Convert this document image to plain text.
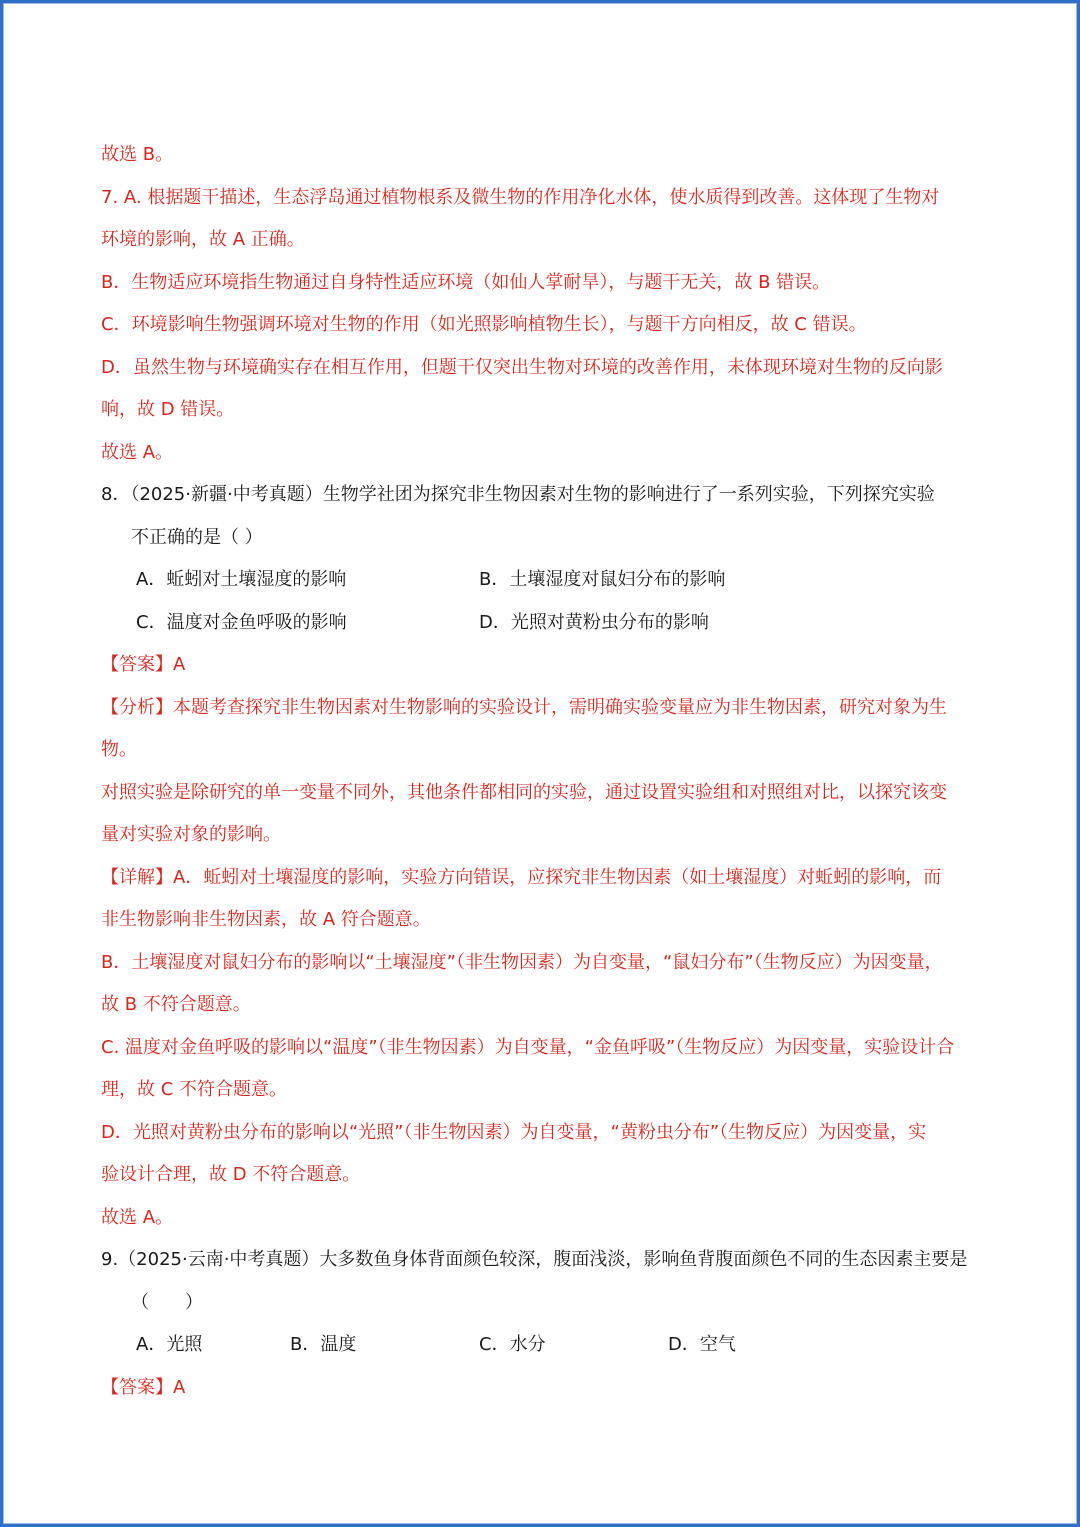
故选 B。
7. A. 根据题干描述，生态浮岛通过植物根系及微生物的作用净化水体，使水质得到改善。这体现了生物对
环境的影响，故 A 正确。
B．生物适应环境指生物通过自身特性适应环境（如仙人掌耐旱），与题干无关，故 B 错误。
C．环境影响生物强调环境对生物的作用（如光照影响植物生长），与题干方向相反，故 C 错误。
D．虽然生物与环境确实存在相互作用，但题干仅突出生物对环境的改善作用，未体现环境对生物的反向影
响，故 D 错误。
故选 A。
8．（2025·新疆·中考真题）生物学社团为探究非生物因素对生物的影响进行了一系列实验，下列探究实验
不正确的是（ ）
A．蚯蚓对土壤湿度的影响	B．土壤湿度对鼠妇分布的影响
C．温度对金鱼呼吸的影响	D．光照对黄粉虫分布的影响
【答案】A
【分析】本题考查探究非生物因素对生物影响的实验设计，需明确实验变量应为非生物因素，研究对象为生
物。
对照实验是除研究的单一变量不同外，其他条件都相同的实验，通过设置实验组和对照组对比，以探究该变
量对实验对象的影响。
【详解】A．蚯蚓对土壤湿度的影响，实验方向错误，应探究非生物因素（如土壤湿度）对蚯蚓的影响，而
非生物影响非生物因素，故 A 符合题意。
B．土壤湿度对鼠妇分布的影响以“土壤湿度”（非生物因素）为自变量，“鼠妇分布”（生物反应）为因变量，
故 B 不符合题意。
C. 温度对金鱼呼吸的影响以“温度”（非生物因素）为自变量，“金鱼呼吸”（生物反应）为因变量，实验设计合
理，故 C 不符合题意。
D．光照对黄粉虫分布的影响以“光照”（非生物因素）为自变量，“黄粉虫分布”（生物反应）为因变量，实
验设计合理，故 D 不符合题意。
故选 A。
9.（2025·云南·中考真题）大多数鱼身体背面颜色较深，腹面浅淡，影响鱼背腹面颜色不同的生态因素主要是
（　　）
A．光照	B．温度	C．水分	D．空气
【答案】A
